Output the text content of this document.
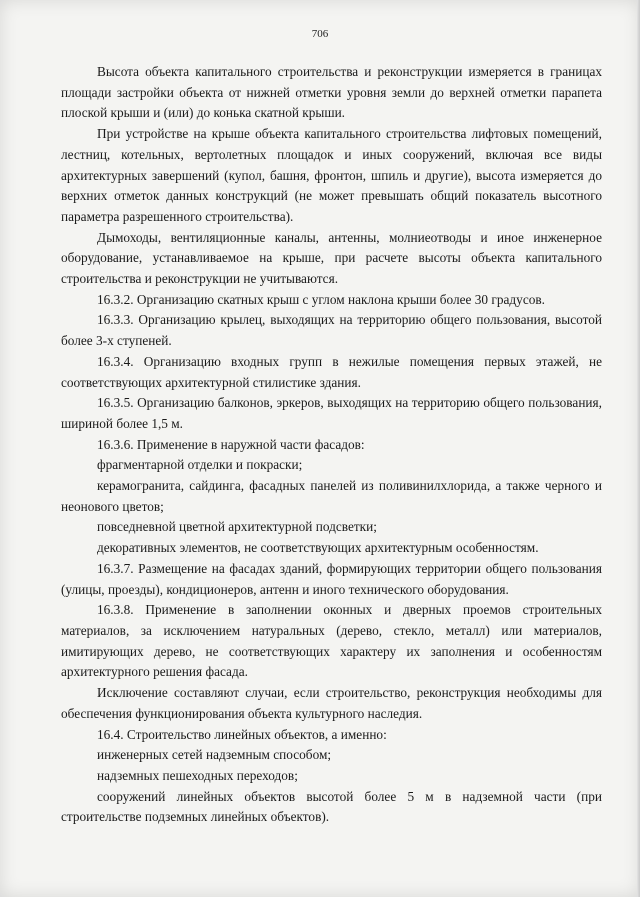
706

Высота объекта капитального строительства и реконструкции измеряется в границах площади застройки объекта от нижней отметки уровня земли до верхней отметки парапета плоской крыши и (или) до конька скатной крыши.

При устройстве на крыше объекта капитального строительства лифтовых помещений, лестниц, котельных, вертолетных площадок и иных сооружений, включая все виды архитектурных завершений (купол, башня, фронтон, шпиль и другие), высота измеряется до верхних отметок данных конструкций (не может превышать общий показатель высотного параметра разрешенного строительства).

Дымоходы, вентиляционные каналы, антенны, молниеотводы и иное инженерное оборудование, устанавливаемое на крыше, при расчете высоты объекта капитального строительства и реконструкции не учитываются.

16.3.2. Организацию скатных крыш с углом наклона крыши более 30 градусов.

16.3.3. Организацию крылец, выходящих на территорию общего пользования, высотой более 3-х ступеней.

16.3.4. Организацию входных групп в нежилые помещения первых этажей, не соответствующих архитектурной стилистике здания.

16.3.5. Организацию балконов, эркеров, выходящих на территорию общего пользования, шириной более 1,5 м.

16.3.6. Применение в наружной части фасадов:

фрагментарной отделки и покраски;

керамогранита, сайдинга, фасадных панелей из поливинилхлорида, а также черного и неонового цветов;

повседневной цветной архитектурной подсветки;

декоративных элементов, не соответствующих архитектурным особенностям.

16.3.7. Размещение на фасадах зданий, формирующих территории общего пользования (улицы, проезды), кондиционеров, антенн и иного технического оборудования.

16.3.8. Применение в заполнении оконных и дверных проемов строительных материалов, за исключением натуральных (дерево, стекло, металл) или материалов, имитирующих дерево, не соответствующих характеру их заполнения и особенностям архитектурного решения фасада.

Исключение составляют случаи, если строительство, реконструкция необходимы для обеспечения функционирования объекта культурного наследия.

16.4. Строительство линейных объектов, а именно:

инженерных сетей надземным способом;

надземных пешеходных переходов;

сооружений линейных объектов высотой более 5 м в надземной части (при строительстве подземных линейных объектов).
